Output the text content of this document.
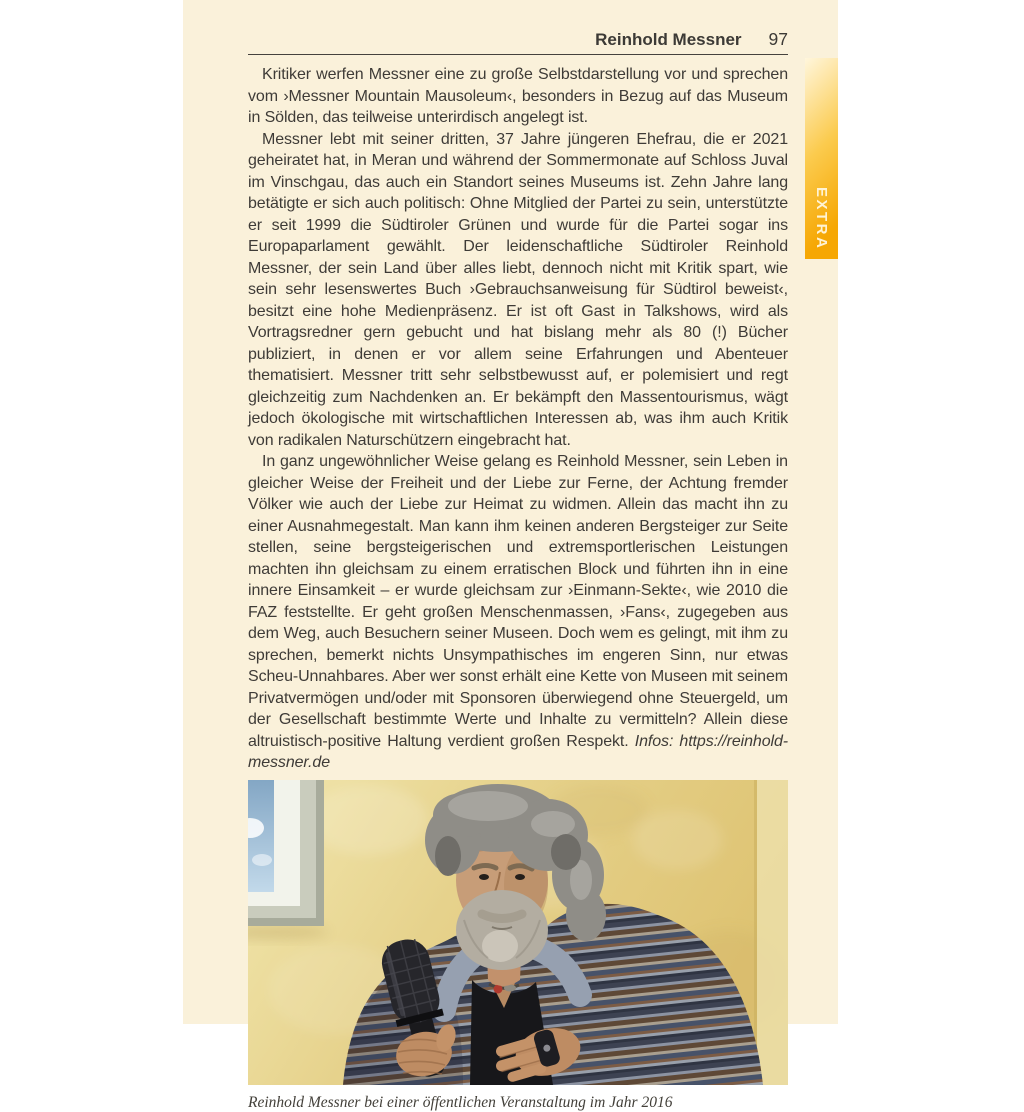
EXTRA
Reinhold Messner 97

Kritiker werfen Messner eine zu große Selbstdarstellung vor und sprechen vom ›Messner Mountain Mausoleum‹, besonders in Bezug auf das Museum in Sölden, das teilweise unterirdisch angelegt ist.

Messner lebt mit seiner dritten, 37 Jahre jüngeren Ehefrau, die er 2021 geheiratet hat, in Meran und während der Sommermonate auf Schloss Juval im Vinschgau, das auch ein Standort seines Museums ist. Zehn Jahre lang betätigte er sich auch politisch: Ohne Mitglied der Partei zu sein, unterstützte er seit 1999 die Südtiroler Grünen und wurde für die Partei sogar ins Europaparlament gewählt. Der leidenschaftliche Südtiroler Reinhold Messner, der sein Land über alles liebt, dennoch nicht mit Kritik spart, wie sein sehr lesenswertes Buch ›Gebrauchsanweisung für Südtirol beweist‹, besitzt eine hohe Medienpräsenz. Er ist oft Gast in Talkshows, wird als Vortragsredner gern gebucht und hat bislang mehr als 80 (!) Bücher publiziert, in denen er vor allem seine Erfahrungen und Abenteuer thematisiert. Messner tritt sehr selbstbewusst auf, er polemisiert und regt gleichzeitig zum Nachdenken an. Er bekämpft den Massentourismus, wägt jedoch ökologische mit wirtschaftlichen Interessen ab, was ihm auch Kritik von radikalen Naturschützern eingebracht hat.

In ganz ungewöhnlicher Weise gelang es Reinhold Messner, sein Leben in gleicher Weise der Freiheit und der Liebe zur Ferne, der Achtung fremder Völker wie auch der Liebe zur Heimat zu widmen. Allein das macht ihn zu einer Ausnahmegestalt. Man kann ihm keinen anderen Bergsteiger zur Seite stellen, seine bergsteigerischen und extremsportlerischen Leistungen machten ihn gleichsam zu einem erratischen Block und führten ihn in eine innere Einsamkeit – er wurde gleichsam zur ›Einmann-Sekte‹, wie 2010 die FAZ feststellte. Er geht großen Menschenmassen, ›Fans‹, zugegeben aus dem Weg, auch Besuchern seiner Museen. Doch wem es gelingt, mit ihm zu sprechen, bemerkt nichts Unsympathisches im engeren Sinn, nur etwas Scheu-Unnahbares. Aber wer sonst erhält eine Kette von Museen mit seinem Privatvermögen und/oder mit Sponsoren überwiegend ohne Steuergeld, um der Gesellschaft bestimmte Werte und Inhalte zu vermitteln? Allein diese altruistisch-positive Haltung verdient großen Respekt. Infos: https://reinhold-messner.de

Reinhold Messner bei einer öffentlichen Veranstaltung im Jahr 2016
